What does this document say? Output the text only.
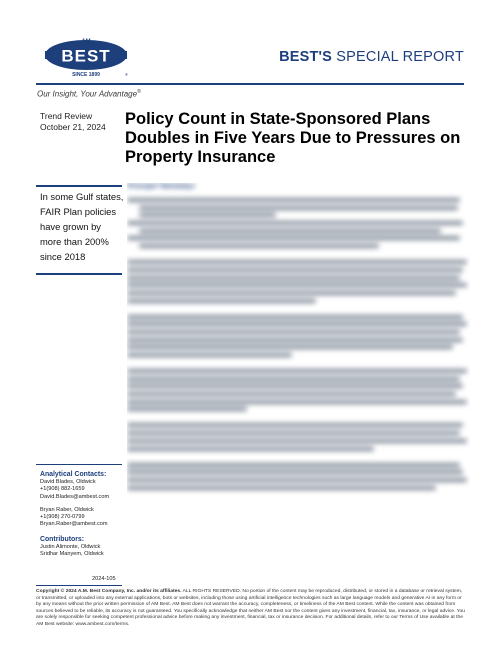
AM
BEST
SINCE 1899	®
BEST'S SPECIAL REPORT
Our Insight, Your Advantage®
Trend Review
October 21, 2024 Policy Count in State-Sponsored Plans Doubles in Five Years Due to Pressures on Property Insurance
In some Gulf states, FAIR Plan policies have grown by more than 200% since 2018
Principal Takeaways
Analytical Contacts:
David Blades, Oldwick
+1(908) 882-1659
David.Blades@ambest.com
Bryan Raber, Oldwick
+1(908) 270-0799
Bryan.Raber@ambest.com
Contributors:
Justin Alimonte, Oldwick
Sridhar Manyem, Oldwick
2024-105
Copyright © 2024 A.M. Best Company, Inc. and/or its affiliates. ALL RIGHTS RESERVED. No portion of the content may be reproduced, distributed, or stored in a database or retrieval system, or transmitted, or uploaded into any external applications, bots or websites, including those using artificial intelligence technologies such as large language models and generative AI in any form or by any means without the prior written permission of AM Best. AM Best does not warrant the accuracy, completeness, or timeliness of the AM Best content. While the content was obtained from sources believed to be reliable, its accuracy is not guaranteed. You specifically acknowledge that neither AM Best nor the content gives any investment, financial, tax, insurance, or legal advice. You are solely responsible for seeking competent professional advice before making any investment, financial, tax or insurance decision. For additional details, refer to our Terms of Use available at the AM Best website: www.ambest.com/terms.
